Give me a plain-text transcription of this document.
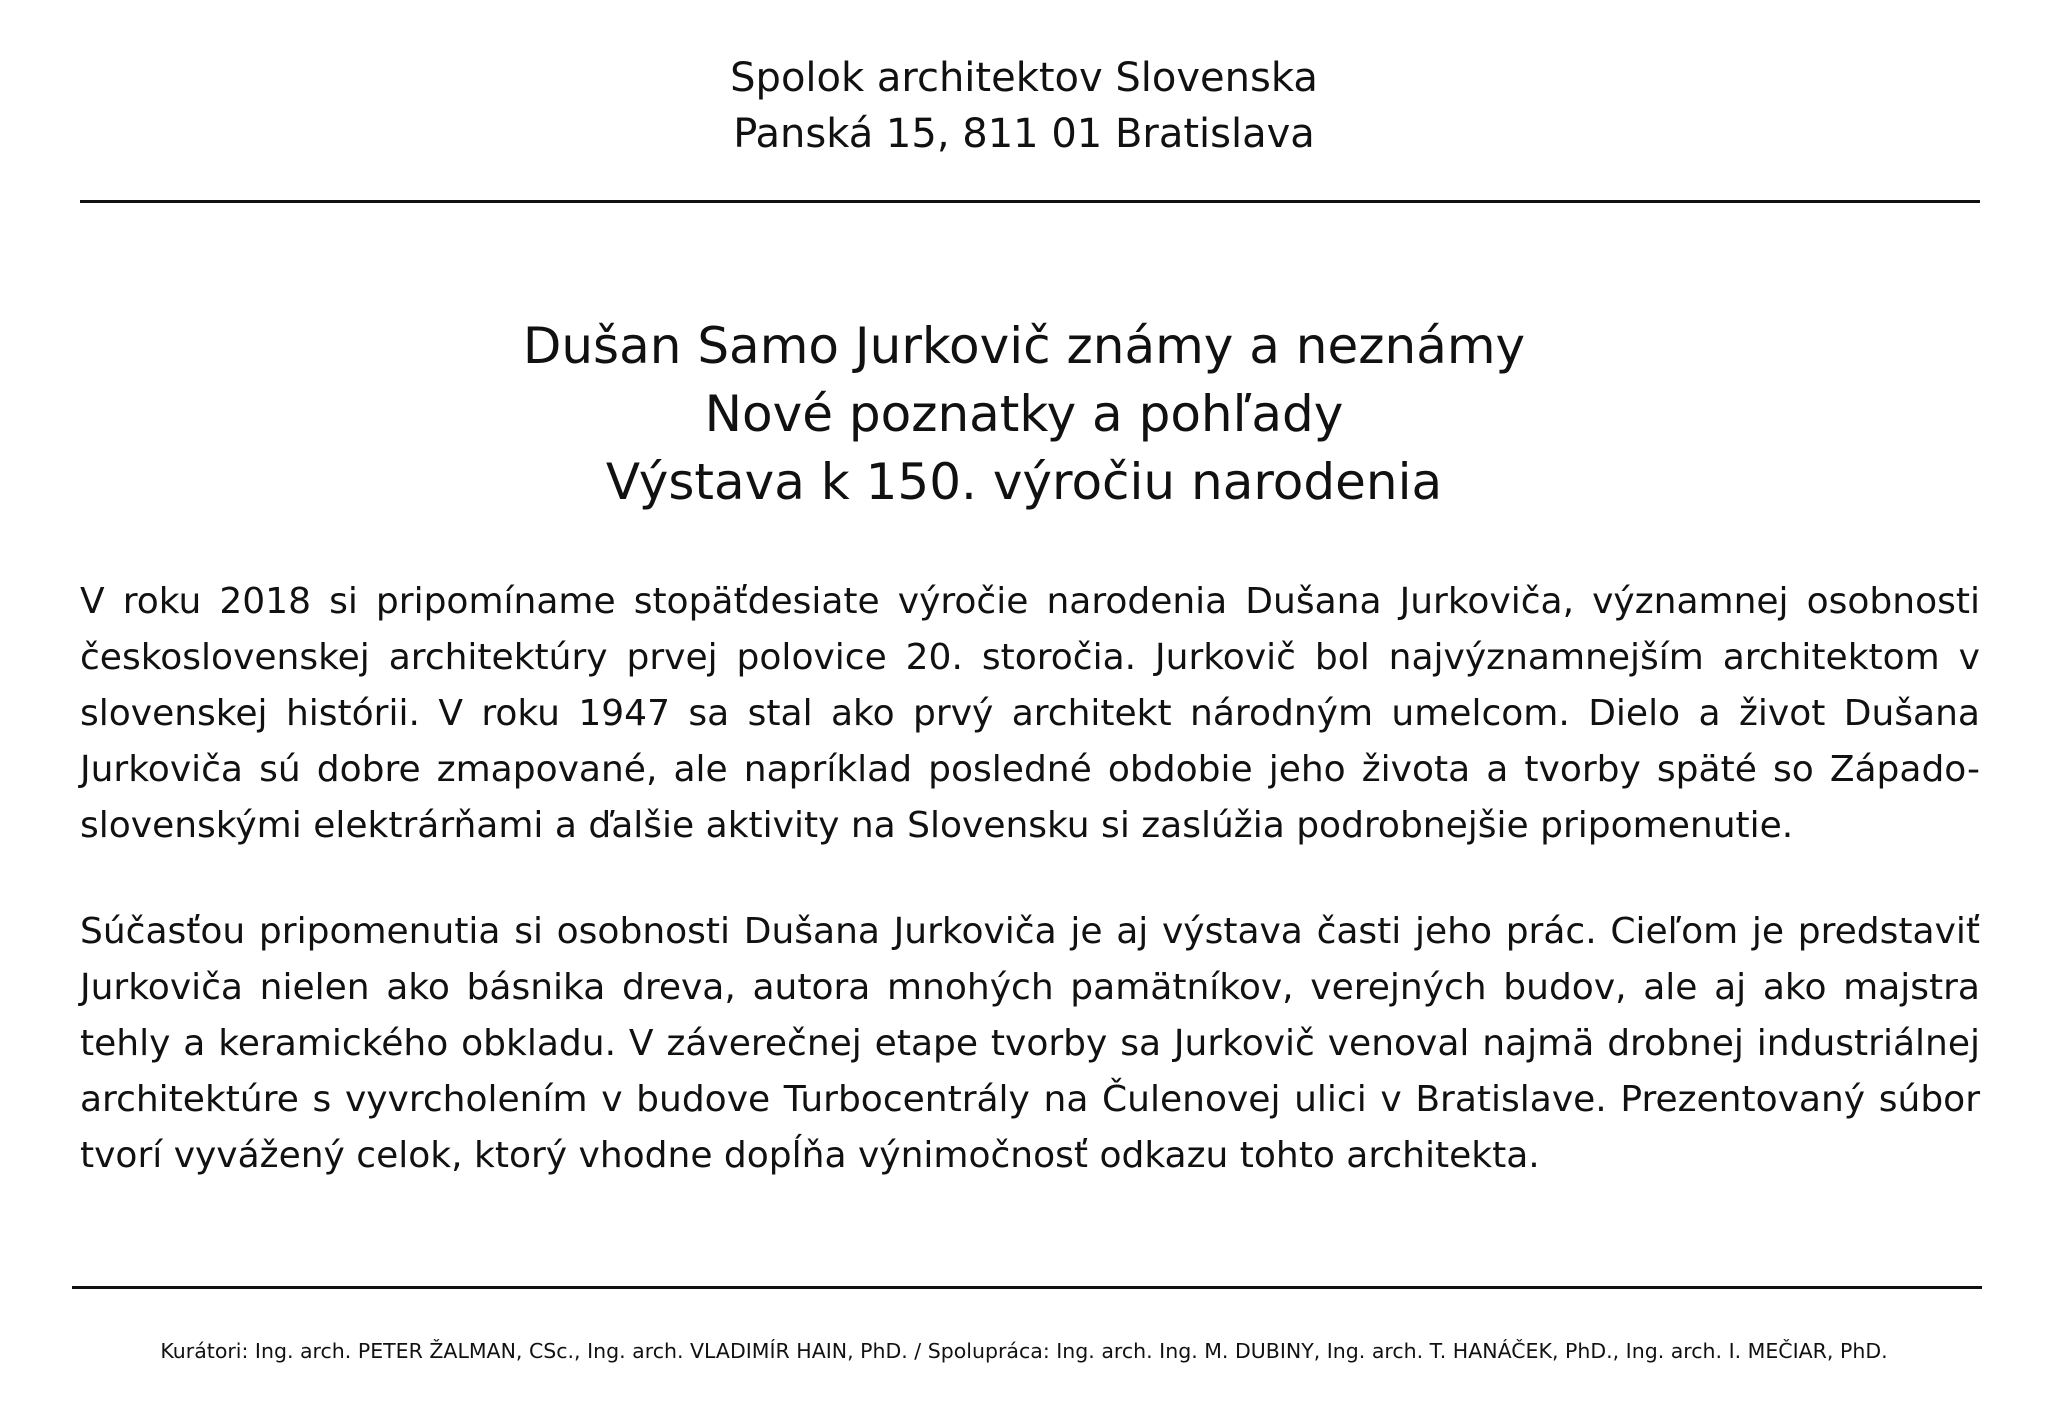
Spolok architektov Slovenska
Panská 15, 811 01 Bratislava
Dušan Samo Jurkovič známy a neznámy
Nové poznatky a pohľady
Výstava k 150. výročiu narodenia

V roku 2018 si pripomíname stopäťdesiate výročie narodenia Dušana Jurkoviča, významnej osobnosti československej architektúry prvej polovice 20. storočia. Jurkovič bol najvýznamnejším architektom v slovenskej histórii. V roku 1947 sa stal ako prvý architekt národným umelcom. Dielo a život Dušana Jurkoviča sú dobre zmapované, ale napríklad posledné obdobie jeho života a tvorby späté so Západo-slovenskými elektrárňami a ďalšie aktivity na Slovensku si zaslúžia podrobnejšie pripomenutie.

Súčasťou pripomenutia si osobnosti Dušana Jurkoviča je aj výstava časti jeho prác. Cieľom je predstaviť Jurkoviča nielen ako básnika dreva, autora mnohých pamätníkov, verejných budov, ale aj ako majstra tehly a keramického obkladu. V záverečnej etape tvorby sa Jurkovič venoval najmä drobnej industriálnej architektúre s vyvrcholením v budove Turbocentrály na Čulenovej ulici v Bratislave. Prezentovaný súbor tvorí vyvážený celok, ktorý vhodne dopĺňa výnimočnosť odkazu tohto architekta.

Kurátori: Ing. arch. PETER ŽALMAN, CSc., Ing. arch. VLADIMÍR HAIN, PhD. / Spolupráca: Ing. arch. Ing. M. DUBINY, Ing. arch. T. HANÁČEK, PhD., Ing. arch. I. MEČIAR, PhD.
